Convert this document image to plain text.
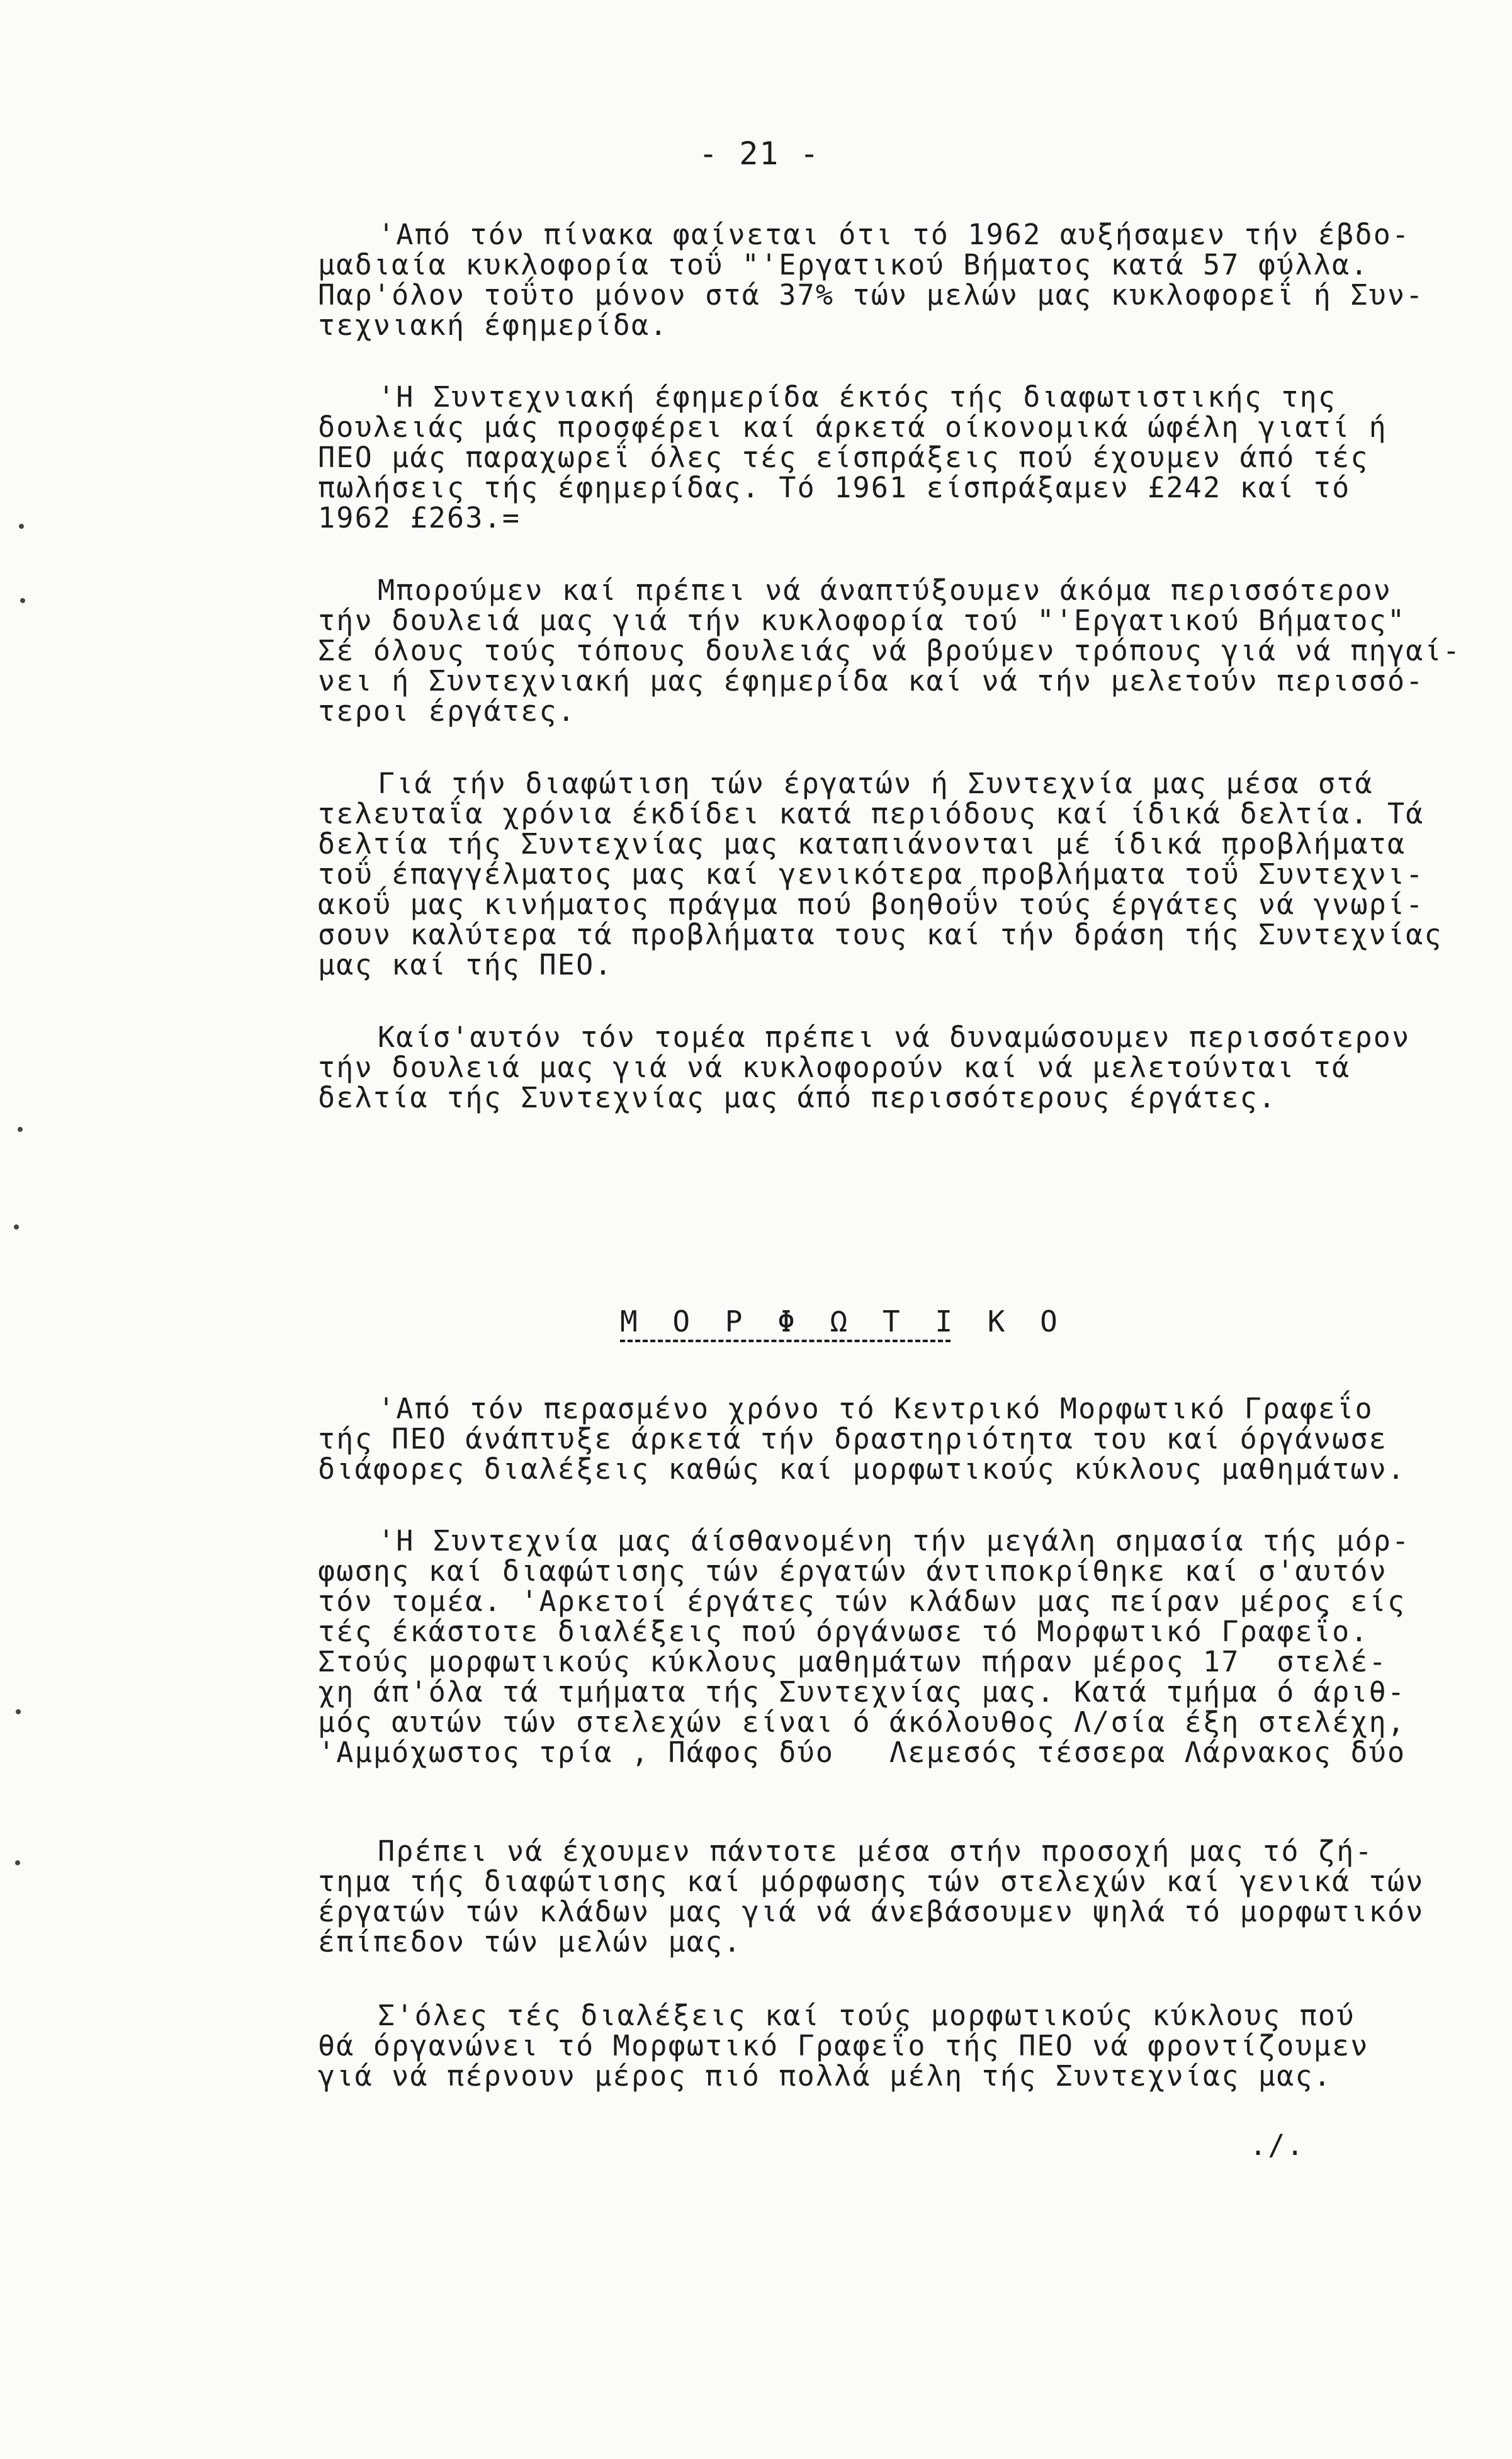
- 21 -
'Από τόν πίνακα φαίνεται ότι τό 1962 αυξήσαμεν τήν έβδο-
μαδιαία κυκλοφορία τοΰ "'Εργατικού Βήματος κατά 57 φύλλα.
Παρ'όλον τοΰτο μόνον στά 37% τών μελών μας κυκλοφορεΐ ή Συν-
τεχνιακή έφημερίδα.
'Η Συντεχνιακή έφημερίδα έκτός τής διαφωτιστικής της
δουλειάς μάς προσφέρει καί άρκετά οίκονομικά ώφέλη γιατί ή
ΠΕΟ μάς παραχωρεΐ όλες τές είσπράξεις πού έχουμεν άπό τές
πωλήσεις τής έφημερίδας. Τό 1961 είσπράξαμεν £242 καί τό
1962 £263.=
Μπορούμεν καί πρέπει νά άναπτύξουμεν άκόμα περισσότερον
τήν δουλειά μας γιά τήν κυκλοφορία τού "'Εργατικού Βήματος"
Σέ όλους τούς τόπους δουλειάς νά βρούμεν τρόπους γιά νά πηγαί-
νει ή Συντεχνιακή μας έφημερίδα καί νά τήν μελετούν περισσό-
τεροι έργάτες.
Γιά τήν διαφώτιση τών έργατών ή Συντεχνία μας μέσα στά
τελευταΐα χρόνια έκδίδει κατά περιόδους καί ίδικά δελτία. Τά
δελτία τής Συντεχνίας μας καταπιάνονται μέ ίδικά προβλήματα
τοΰ έπαγγέλματος μας καί γενικότερα προβλήματα τοΰ Συντεχνι-
ακοΰ μας κινήματος πράγμα πού βοηθοΰν τούς έργάτες νά γνωρί-
σουν καλύτερα τά προβλήματα τους καί τήν δράση τής Συντεχνίας
μας καί τής ΠΕΟ.
Καίσ'αυτόν τόν τομέα πρέπει νά δυναμώσουμεν περισσότερον
τήν δουλειά μας γιά νά κυκλοφορούν καί νά μελετούνται τά
δελτία τής Συντεχνίας μας άπό περισσότερους έργάτες.
Μ Ο Ρ Φ Ω Τ Ι Κ Ο
'Από τόν περασμένο χρόνο τό Κεντρικό Μορφωτικό Γραφεΐο
τής ΠΕΟ άνάπτυξε άρκετά τήν δραστηριότητα του καί όργάνωσε
διάφορες διαλέξεις καθώς καί μορφωτικούς κύκλους μαθημάτων.
'Η Συντεχνία μας άίσθανομένη τήν μεγάλη σημασία τής μόρ-
φωσης καί διαφώτισης τών έργατών άντιποκρίθηκε καί σ'αυτόν
τόν τομέα. 'Αρκετοί έργάτες τών κλάδων μας πείραν μέρος είς
τές έκάστοτε διαλέξεις πού όργάνωσε τό Μορφωτικό Γραφεΐο.
Στούς μορφωτικούς κύκλους μαθημάτων πήραν μέρος 17  στελέ-
χη άπ'όλα τά τμήματα τής Συντεχνίας μας. Κατά τμήμα ό άριθ-
μός αυτών τών στελεχών είναι ό άκόλουθος Λ/σία έξη στελέχη,
'Αμμόχωστος τρία , Πάφος δύο   Λεμεσός τέσσερα Λάρνακος δύο
Πρέπει νά έχουμεν πάντοτε μέσα στήν προσοχή μας τό ζή-
τημα τής διαφώτισης καί μόρφωσης τών στελεχών καί γενικά τών
έργατών τών κλάδων μας γιά νά άνεβάσουμεν ψηλά τό μορφωτικόν
έπίπεδον τών μελών μας.
Σ'όλες τές διαλέξεις καί τούς μορφωτικούς κύκλους πού
θά όργανώνει τό Μορφωτικό Γραφεΐο τής ΠΕΟ νά φροντίζουμεν
γιά νά πέρνουν μέρος πιό πολλά μέλη τής Συντεχνίας μας.
./.
